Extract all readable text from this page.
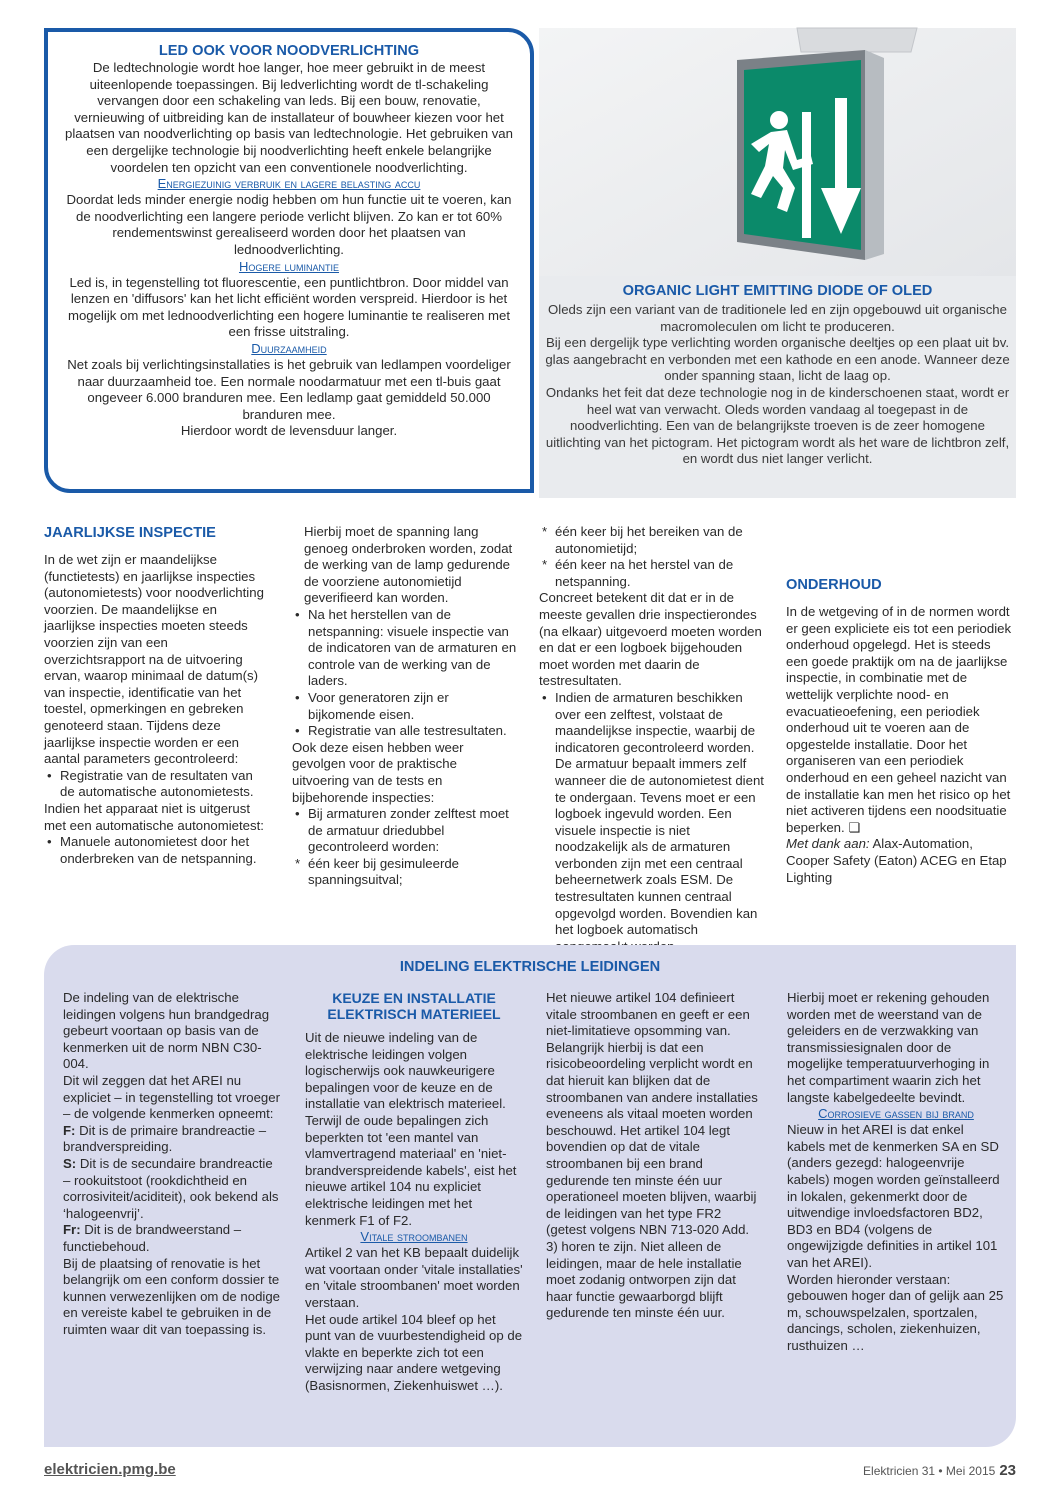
LED OOK VOOR NOODVERLICHTING
De ledtechnologie wordt hoe langer, hoe meer gebruikt in de meest uiteenlopende toepassingen. Bij ledverlichting wordt de tl-schakeling vervangen door een schakeling van leds. Bij een bouw, renovatie, vernieuwing of uitbreiding kan de installateur of bouwheer kiezen voor het plaatsen van noodverlichting op basis van ledtechnologie. Het gebruiken van een dergelijke technologie bij noodverlichting heeft enkele belangrijke voordelen ten opzicht van een conventionele noodverlichting.
Energiezuinig verbruik en lagere belasting accu
Doordat leds minder energie nodig hebben om hun functie uit te voeren, kan de noodverlichting een langere periode verlicht blijven. Zo kan er tot 60% rendementswinst gerealiseerd worden door het plaatsen van lednoodverlichting.
Hogere luminantie
Led is, in tegenstelling tot fluorescentie, een puntlichtbron. Door middel van lenzen en 'diffusors' kan het licht efficiënt worden verspreid. Hierdoor is het mogelijk om met lednoodverlichting een hogere luminantie te realiseren met een frisse uitstraling.
Duurzaamheid
Net zoals bij verlichtingsinstallaties is het gebruik van ledlampen voordeliger naar duurzaamheid toe. Een normale noodarmatuur met een tl-buis gaat ongeveer 6.000 branduren mee. Een ledlamp gaat gemiddeld 50.000 branduren mee.
Hierdoor wordt de levensduur langer.
ORGANIC LIGHT EMITTING DIODE OF OLED
Oleds zijn een variant van de traditionele led en zijn opgebouwd uit organische macromoleculen om licht te produceren.
Bij een dergelijk type verlichting worden organische deeltjes op een plaat uit bv. glas aangebracht en verbonden met een kathode en een anode. Wanneer deze onder spanning staan, licht de laag op.
Ondanks het feit dat deze technologie nog in de kinderschoenen staat, wordt er heel wat van verwacht. Oleds worden vandaag al toegepast in de noodverlichting. Een van de belangrijkste troeven is de zeer homogene uitlichting van het pictogram. Het pictogram wordt als het ware de lichtbron zelf, en wordt dus niet langer verlicht.
JAARLIJKSE INSPECTIE
In de wet zijn er maandelijkse (functietests) en jaarlijkse inspecties (autonomietests) voor noodverlichting voorzien. De maandelijkse en jaarlijkse inspecties moeten steeds voorzien zijn van een overzichtsrapport na de uitvoering ervan, waarop minimaal de datum(s) van inspectie, identificatie van het toestel, opmerkingen en gebreken genoteerd staan. Tijdens deze jaarlijkse inspectie worden er een aantal parameters gecontroleerd:
• Registratie van de resultaten van de automatische autonomietests.
Indien het apparaat niet is uitgerust met een automatische autonomietest:
• Manuele autonomietest door het onderbreken van de netspanning.
Hierbij moet de spanning lang genoeg onderbroken worden, zodat de werking van de lamp gedurende de voorziene autonomietijd geverifieerd kan worden.
• Na het herstellen van de netspanning: visuele inspectie van de indicatoren van de armaturen en controle van de werking van de laders.
• Voor generatoren zijn er bijkomende eisen.
• Registratie van alle testresultaten.
Ook deze eisen hebben weer gevolgen voor de praktische uitvoering van de tests en bijbehorende inspecties:
• Bij armaturen zonder zelftest moet de armatuur driedubbel gecontroleerd worden:
* één keer bij gesimuleerde spanningsuitval;
* één keer bij het bereiken van de autonomietijd;
* één keer na het herstel van de netspanning.
Concreet betekent dit dat er in de meeste gevallen drie inspectierondes (na elkaar) uitgevoerd moeten worden en dat er een logboek bijgehouden moet worden met daarin de testresultaten.
• Indien de armaturen beschikken over een zelftest, volstaat de maandelijkse inspectie, waarbij de indicatoren gecontroleerd worden. De armatuur bepaalt immers zelf wanneer die de autonomietest dient te ondergaan. Tevens moet er een logboek ingevuld worden. Een visuele inspectie is niet noodzakelijk als de armaturen verbonden zijn met een centraal beheernetwerk zoals ESM. De testresultaten kunnen centraal opgevolgd worden. Bovendien kan het logboek automatisch
ONDERHOUD
In de wetgeving of in de normen wordt er geen expliciete eis tot een periodiek onderhoud opgelegd. Het is steeds een goede praktijk om na de jaarlijkse inspectie, in combinatie met de wettelijk verplichte nood- en evacuatieoefening, een periodiek onderhoud uit te voeren aan de opgestelde installatie. Door het organiseren van een periodiek onderhoud en een geheel nazicht van de installatie kan men het risico op het niet activeren tijdens een noodsituatie beperken. ❏
Met dank aan: Alax-Automation, Cooper Safety (Eaton) ACEG en Etap Lighting
INDELING ELEKTRISCHE LEIDINGEN
De indeling van de elektrische leidingen volgens hun brandgedrag gebeurt voortaan op basis van de kenmerken uit de norm NBN C30-004.
Dit wil zeggen dat het AREI nu expliciet – in tegenstelling tot vroeger – de volgende kenmerken opneemt:
F: Dit is de primaire brandreactie – brandverspreiding.
S: Dit is de secundaire brandreactie – rookuitstoot (rookdichtheid en corrosiviteit/aciditeit), ook bekend als ‘halogeenvrij’.
Fr: Dit is de brandweerstand – functiebehoud.
Bij de plaatsing of renovatie is het belangrijk om een conform dossier te kunnen verwezenlijken om de nodige en vereiste kabel te gebruiken in de ruimten waar dit van toepassing is.
KEUZE EN INSTALLATIE ELEKTRISCH MATERIEEL
Uit de nieuwe indeling van de elektrische leidingen volgen logischerwijs ook nauwkeurigere bepalingen voor de keuze en de installatie van elektrisch materieel. Terwijl de oude bepalingen zich beperkten tot 'een mantel van vlamvertragend materiaal' en 'niet-brandverspreidende kabels', eist het nieuwe artikel 104 nu expliciet elektrische leidingen met het kenmerk F1 of F2.
Vitale stroombanen
Artikel 2 van het KB bepaalt duidelijk wat voortaan onder 'vitale installaties' en 'vitale stroombanen' moet worden verstaan.
Het oude artikel 104 bleef op het punt van de vuurbestendigheid op de vlakte en beperkte zich tot een verwijzing naar andere wetgeving (Basisnormen, Ziekenhuiswet …).
Het nieuwe artikel 104 definieert vitale stroombanen en geeft er een niet-limitatieve opsomming van. Belangrijk hierbij is dat een risicobeoordeling verplicht wordt en dat hieruit kan blijken dat de stroombanen van andere installaties eveneens als vitaal moeten worden beschouwd. Het artikel 104 legt bovendien op dat de vitale stroombanen bij een brand gedurende ten minste één uur operationeel moeten blijven, waarbij de leidingen van het type FR2 (getest volgens NBN 713-020 Add. 3) horen te zijn. Niet alleen de leidingen, maar de hele installatie moet zodanig ontworpen zijn dat haar functie gewaarborgd blijft gedurende ten minste één uur.
Hierbij moet er rekening gehouden worden met de weerstand van de geleiders en de verzwakking van transmissiesignalen door de mogelijke temperatuurverhoging in het compartiment waarin zich het langste kabelgedeelte bevindt.
Corrosieve gassen bij brand
Nieuw in het AREI is dat enkel kabels met de kenmerken SA en SD (anders gezegd: halogeenvrije kabels) mogen worden geïnstalleerd in lokalen, gekenmerkt door de uitwendige invloedsfactoren BD2, BD3 en BD4 (volgens de ongewijzigde definities in artikel 101 van het AREI).
Worden hieronder verstaan: gebouwen hoger dan of gelijk aan 25 m, schouwspelzalen, sportzalen, dancings, scholen, ziekenhuizen, rusthuizen …
elektricien.pmg.be	Elektricien 31 • Mei 2015 23
